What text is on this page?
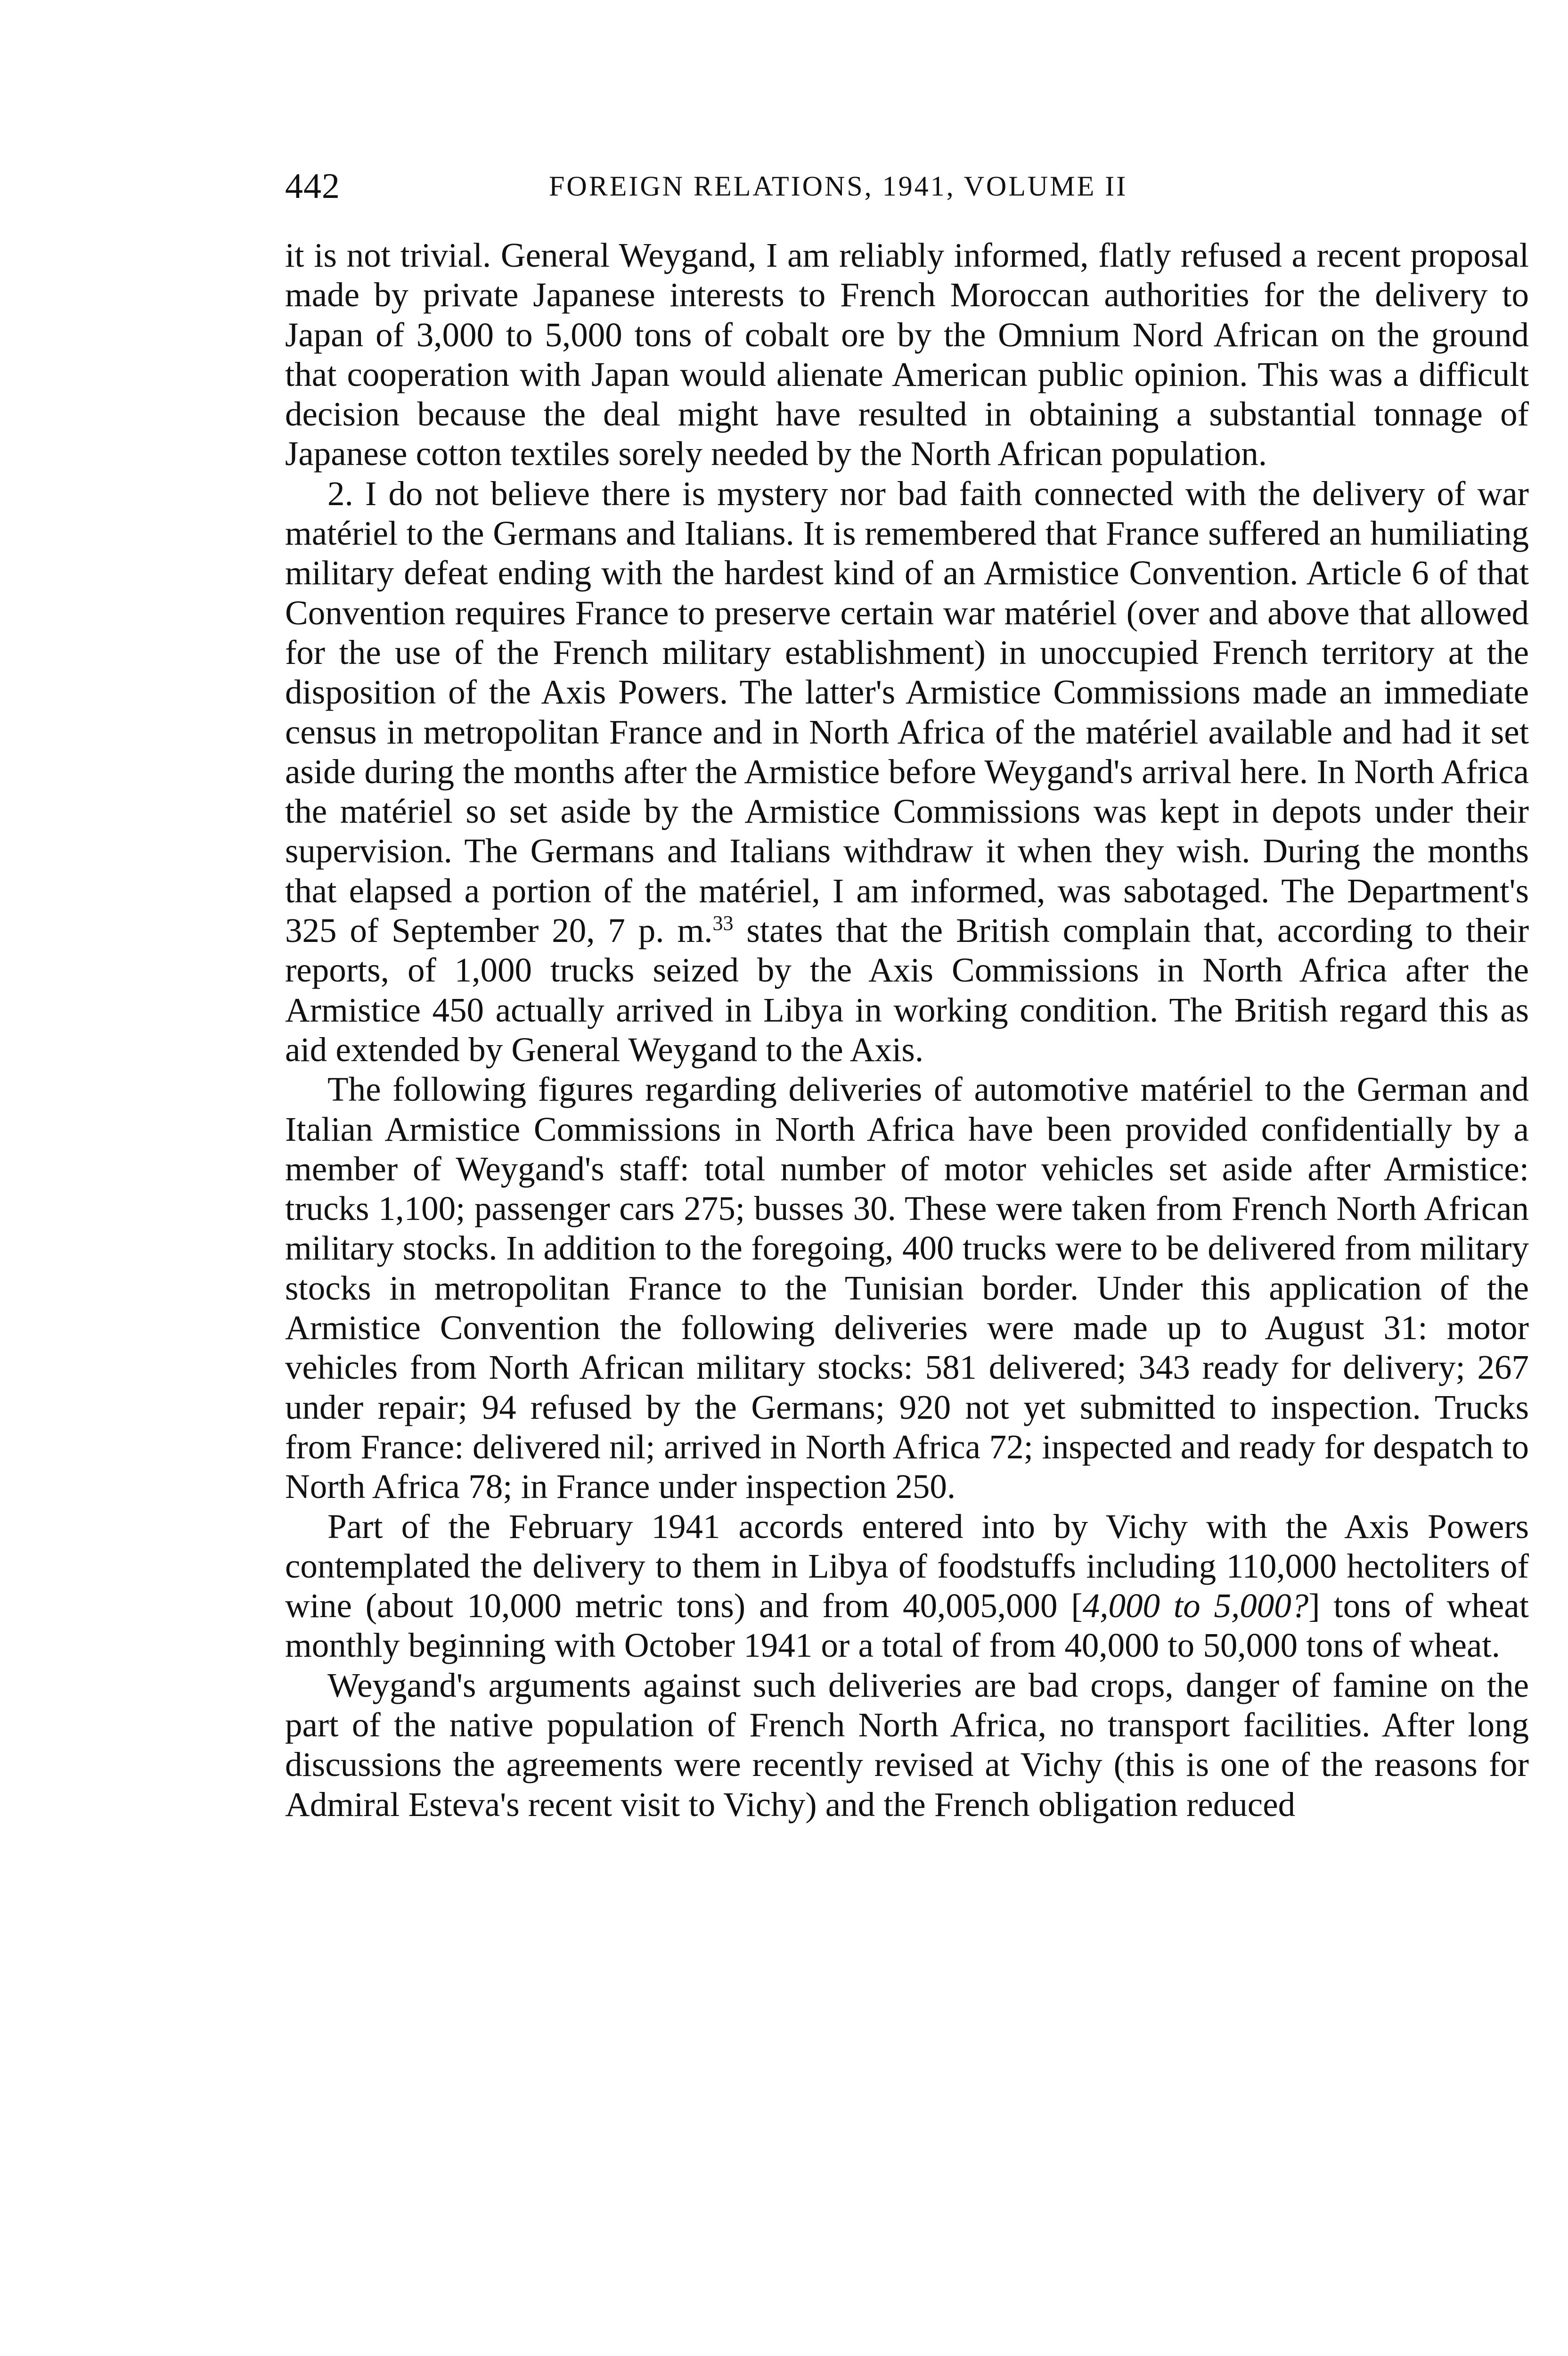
442	FOREIGN RELATIONS, 1941, VOLUME II

it is not trivial. General Weygand, I am reliably informed, flatly refused a recent proposal made by private Japanese interests to French Moroccan authorities for the delivery to Japan of 3,000 to 5,000 tons of cobalt ore by the Omnium Nord African on the ground that cooperation with Japan would alienate American public opinion. This was a difficult decision because the deal might have resulted in obtaining a substantial tonnage of Japanese cotton textiles sorely needed by the North African population.

2. I do not believe there is mystery nor bad faith connected with the delivery of war matériel to the Germans and Italians. It is remembered that France suffered an humiliating military defeat ending with the hardest kind of an Armistice Convention. Article 6 of that Convention requires France to preserve certain war matériel (over and above that allowed for the use of the French military establishment) in unoccupied French territory at the disposition of the Axis Powers. The latter's Armistice Commissions made an immediate census in metropolitan France and in North Africa of the matériel available and had it set aside during the months after the Armistice before Weygand's arrival here. In North Africa the matériel so set aside by the Armistice Commissions was kept in depots under their supervision. The Germans and Italians withdraw it when they wish. During the months that elapsed a portion of the matériel, I am informed, was sabotaged. The Department's 325 of September 20, 7 p. m.$^{33}$ states that the British complain that, according to their reports, of 1,000 trucks seized by the Axis Commissions in North Africa after the Armistice 450 actually arrived in Libya in working condition. The British regard this as aid extended by General Weygand to the Axis.

The following figures regarding deliveries of automotive matériel to the German and Italian Armistice Commissions in North Africa have been provided confidentially by a member of Weygand's staff: total number of motor vehicles set aside after Armistice: trucks 1,100; passenger cars 275; busses 30. These were taken from French North African military stocks. In addition to the foregoing, 400 trucks were to be delivered from military stocks in metropolitan France to the Tunisian border. Under this application of the Armistice Convention the following deliveries were made up to August 31: motor vehicles from North African military stocks: 581 delivered; 343 ready for delivery; 267 under repair; 94 refused by the Germans; 920 not yet submitted to inspection. Trucks from France: delivered nil; arrived in North Africa 72; inspected and ready for despatch to North Africa 78; in France under inspection 250.

Part of the February 1941 accords entered into by Vichy with the Axis Powers contemplated the delivery to them in Libya of foodstuffs including 110,000 hectoliters of wine (about 10,000 metric tons) and from 40,005,000 [4,000 to 5,000?] tons of wheat monthly beginning with October 1941 or a total of from 40,000 to 50,000 tons of wheat.

Weygand's arguments against such deliveries are bad crops, danger of famine on the part of the native population of French North Africa, no transport facilities. After long discussions the agreements were recently revised at Vichy (this is one of the reasons for Admiral Esteva's recent visit to Vichy) and the French obligation reduced
